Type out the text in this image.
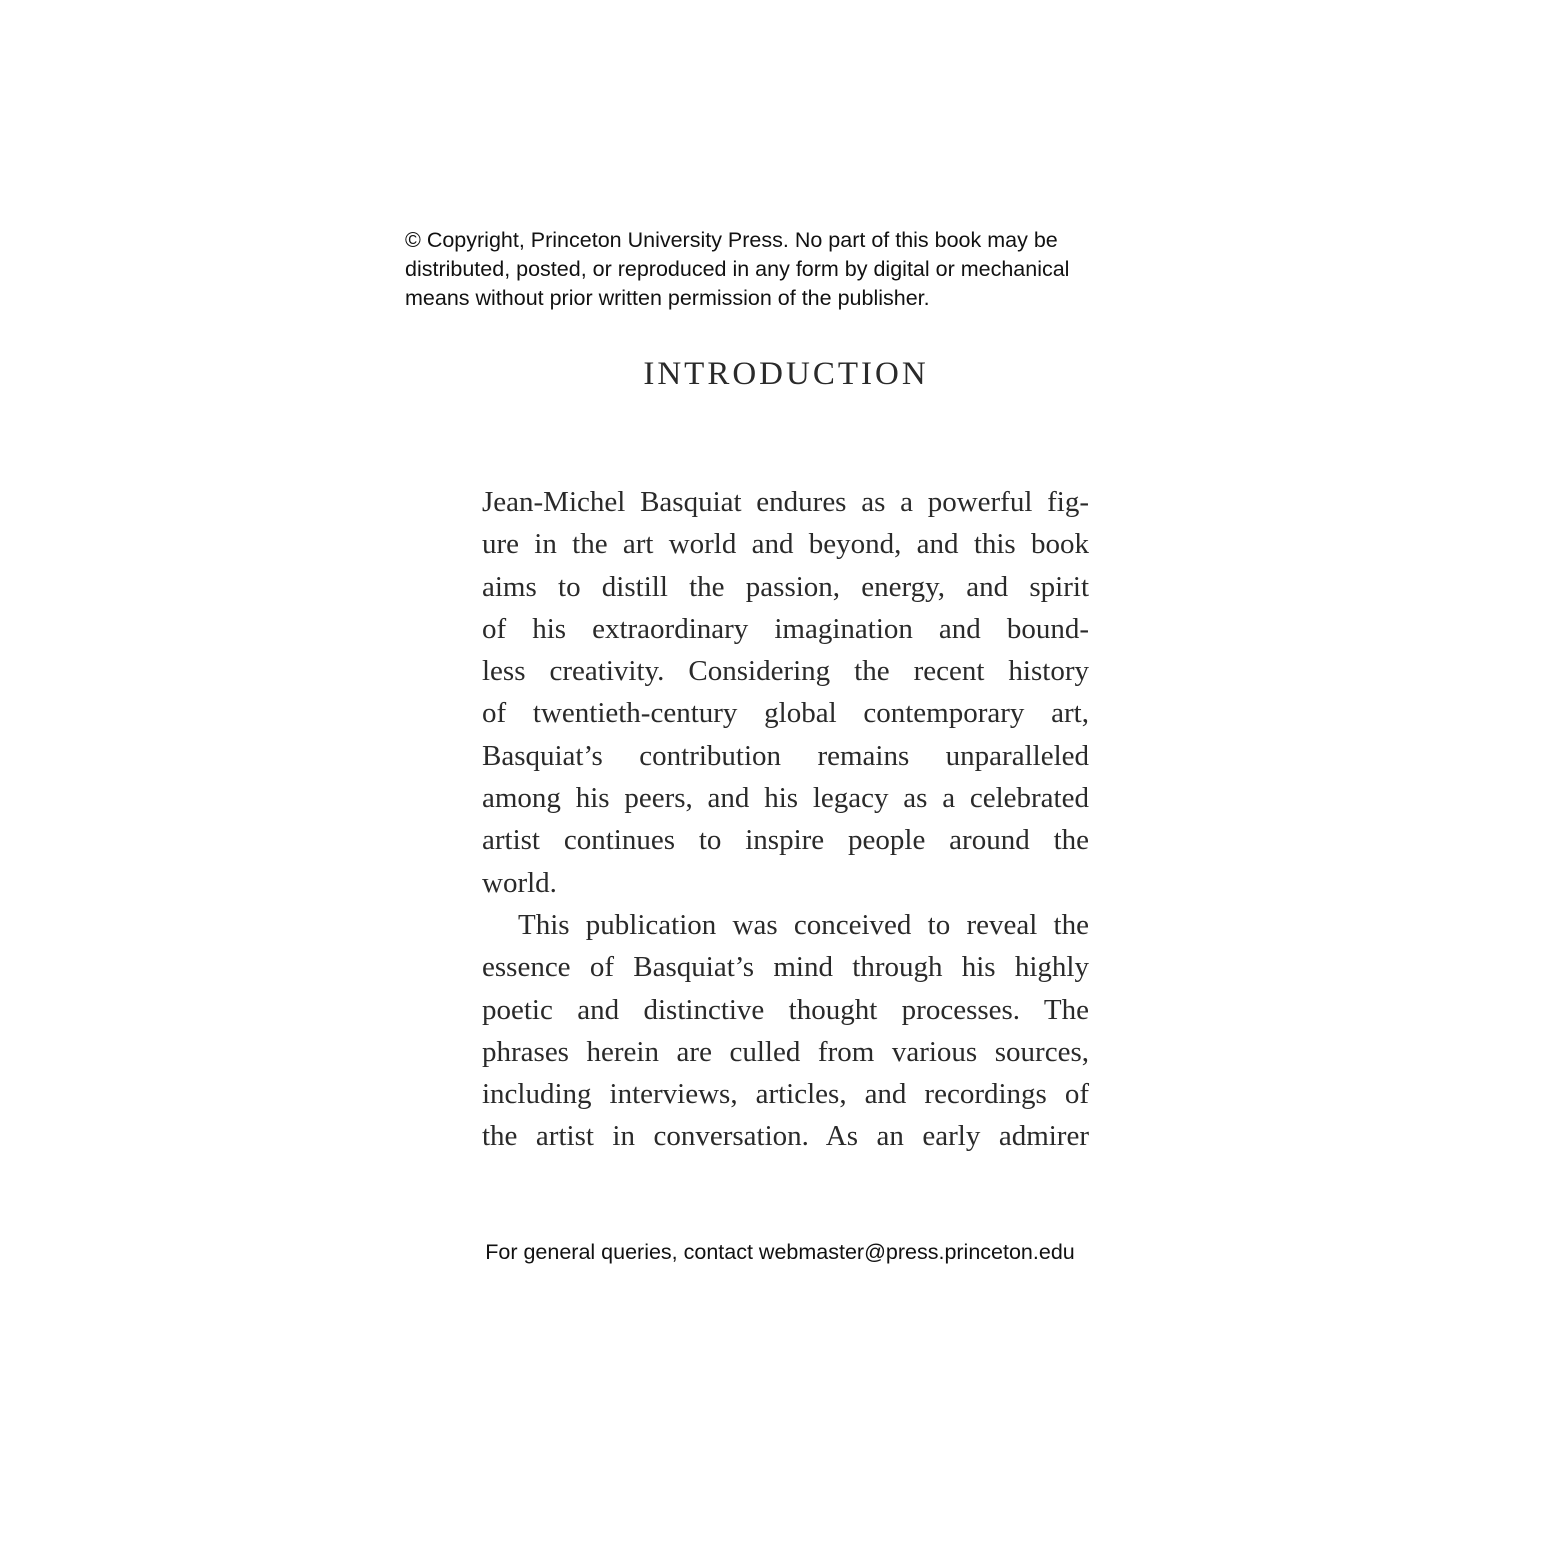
© Copyright, Princeton University Press. No part of this book may be
distributed, posted, or reproduced in any form by digital or mechanical
means without prior written permission of the publisher.
INTRODUCTION
Jean-Michel Basquiat endures as a powerful fig-
ure in the art world and beyond, and this book
aims to distill the passion, energy, and spirit
of his extraordinary imagination and bound-
less creativity. Considering the recent history
of twentieth-century global contemporary art,
Basquiat’s contribution remains unparalleled
among his peers, and his legacy as a celebrated
artist continues to inspire people around the
world.
This publication was conceived to reveal the
essence of Basquiat’s mind through his highly
poetic and distinctive thought processes. The
phrases herein are culled from various sources,
including interviews, articles, and recordings of
the artist in conversation. As an early admirer
For general queries, contact webmaster@press.princeton.edu
